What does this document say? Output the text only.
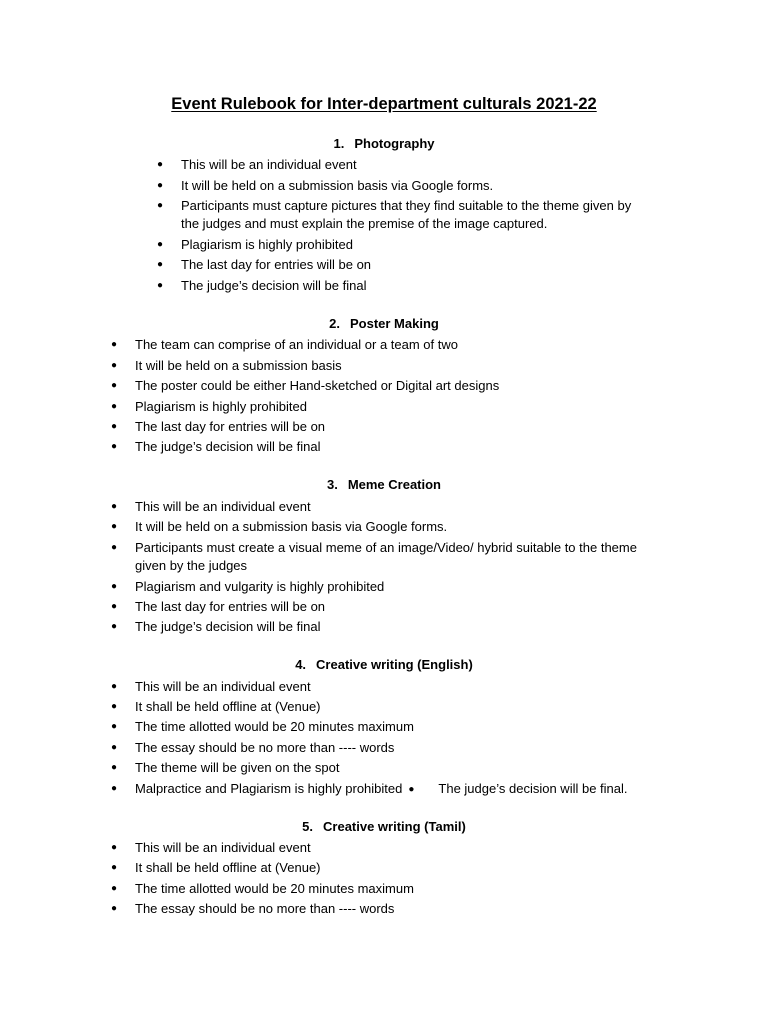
Event Rulebook for Inter-department culturals 2021-22
1. Photography
● This will be an individual event
● It will be held on a submission basis via Google forms.
● Participants must capture pictures that they find suitable to the theme given by
the judges and must explain the premise of the image captured.
● Plagiarism is highly prohibited
● The last day for entries will be on
● The judge’s decision will be final
2. Poster Making
● The team can comprise of an individual or a team of two
● It will be held on a submission basis
● The poster could be either Hand-sketched or Digital art designs
● Plagiarism is highly prohibited
● The last day for entries will be on
● The judge’s decision will be final
3. Meme Creation
● This will be an individual event
● It will be held on a submission basis via Google forms.
● Participants must create a visual meme of an image/Video/ hybrid suitable to the theme
given by the judges
● Plagiarism and vulgarity is highly prohibited
● The last day for entries will be on
● The judge’s decision will be final
4. Creative writing (English)
● This will be an individual event
● It shall be held offline at (Venue)
● The time allotted would be 20 minutes maximum
● The essay should be no more than ---- words
● The theme will be given on the spot
● Malpractice and Plagiarism is highly prohibited ● The judge’s decision will be final.
5. Creative writing (Tamil)
● This will be an individual event
● It shall be held offline at (Venue)
● The time allotted would be 20 minutes maximum
● The essay should be no more than ---- words
